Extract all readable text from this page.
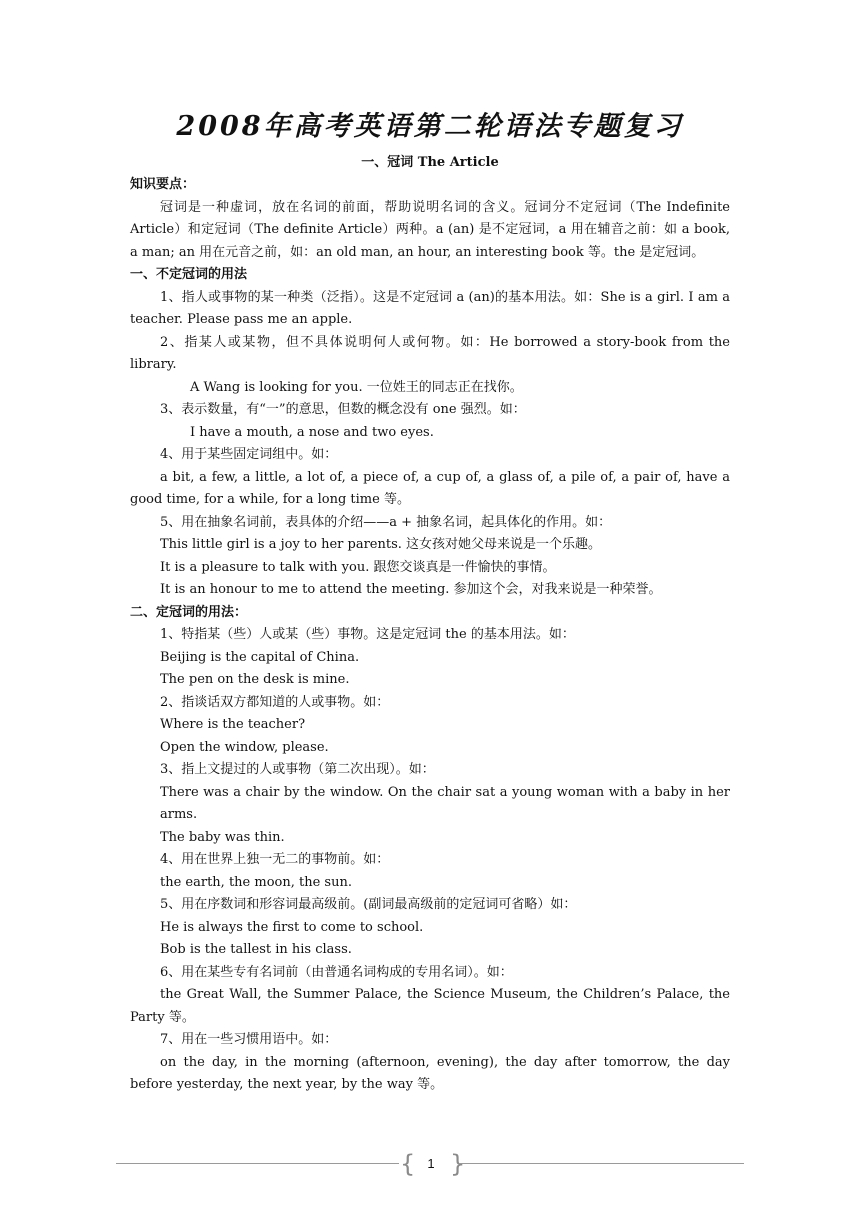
2008年高考英语第二轮语法专题复习

一、冠词 The Article

知识要点：

冠词是一种虚词，放在名词的前面，帮助说明名词的含义。冠词分不定冠词（The Indefinite Article）和定冠词（The definite Article）两种。a (an) 是不定冠词，a 用在辅音之前：如 a book, a man; an 用在元音之前，如：an old man, an hour, an interesting book 等。the 是定冠词。

一、不定冠词的用法

1、指人或事物的某一种类（泛指）。这是不定冠词 a (an)的基本用法。如：She is a girl. I am a teacher. Please pass me an apple.

2、指某人或某物，但不具体说明何人或何物。如：He borrowed a story-book from the library.

A Wang is looking for you. 一位姓王的同志正在找你。

3、表示数量，有“一”的意思，但数的概念没有 one 强烈。如：

I have a mouth, a nose and two eyes.

4、用于某些固定词组中。如：

a bit, a few, a little, a lot of, a piece of, a cup of, a glass of, a pile of, a pair of, have a good time, for a while, for a long time 等。

5、用在抽象名词前，表具体的介绍——a + 抽象名词，起具体化的作用。如：

This little girl is a joy to her parents. 这女孩对她父母来说是一个乐趣。

It is a pleasure to talk with you. 跟您交谈真是一件愉快的事情。

It is an honour to me to attend the meeting. 参加这个会，对我来说是一种荣誉。

二、定冠词的用法：

1、特指某（些）人或某（些）事物。这是定冠词 the 的基本用法。如：

Beijing is the capital of China.

The pen on the desk is mine.

2、指谈话双方都知道的人或事物。如：

Where is the teacher?

Open the window, please.

3、指上文提过的人或事物（第二次出现）。如：

There was a chair by the window. On the chair sat a young woman with a baby in her arms.

The baby was thin.

4、用在世界上独一无二的事物前。如：

the earth, the moon, the sun.

5、用在序数词和形容词最高级前。(副词最高级前的定冠词可省略）如：

He is always the first to come to school.

Bob is the tallest in his class.

6、用在某些专有名词前（由普通名词构成的专用名词）。如：

the Great Wall, the Summer Palace, the Science Museum, the Children’s Palace, the Party 等。

7、用在一些习惯用语中。如：

on the day, in the morning (afternoon, evening), the day after tomorrow, the day before yesterday, the next year, by the way 等。

{ 1 }
